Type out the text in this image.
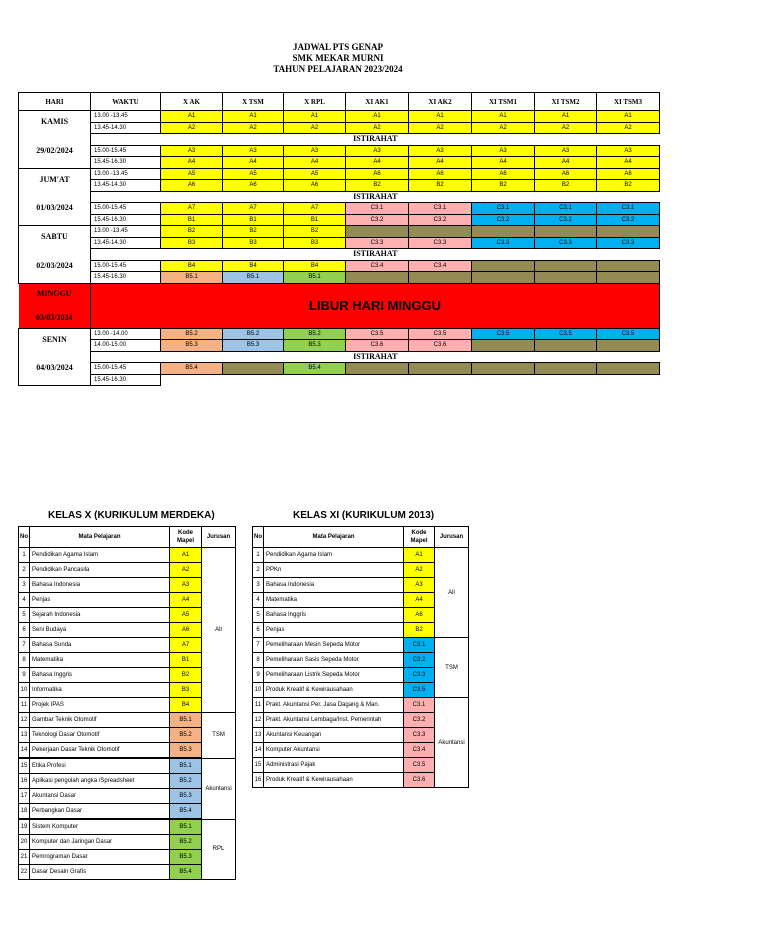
JADWAL PTS GENAP
SMK MEKAR MURNI
TAHUN PELAJARAN 2023/2024
HARI	WAKTU	X AK	X TSM	X RPL	XI AK1	XI AK2	XI TSM1	XI TSM2	XI TSM3
KAMIS	13.00 -13.45	A1	A1	A1	A1	A1	A1	A1	A1
	13.45-14.30	A2	A2	A2	A2	A2	A2	A2	A2
29/02/2024	ISTIRAHAT								
	15.00-15.45	A3	A3	A3	A3	A3	A3	A3	A3
	15.45-16.30	A4	A4	A4	A4	A4	A4	A4	A4
JUM'AT	13.00 -13.45	A5	A5	A5	A6	A6	A6	A6	A6
	13.45-14.30	A6	A6	A6	B2	B2	B2	B2	B2
01/03/2024	ISTIRAHAT								
	15.00-15.45	A7	A7	A7	C3.1	C3.1	C3.1	C3.1	C3.1
	15.45-16.30	B1	B1	B1	C3.2	C3.2	C3.2	C3.2	C3.2
SABTU	13.00 -13.45	B2	B2	B2					
	13.45-14.30	B3	B3	B3	C3.3	C3.3	C3.3	C3.3	C3.3
02/03/2024	ISTIRAHAT								
	15.00-15.45	B4	B4	B4	C3.4	C3.4			
	15.45-16.30	B5.1	B5.1	B5.1					

MINGGU
03/03/2024	LIBUR HARI MINGGU								
SENIN	13.00 -14.00	B5.2	B5.2	B5.2	C3.5	C3.5	C3.5	C3.5	C3.5
	14.00-15.00	B5.3	B5.3	B5.3	C3.6	C3.6			
04/03/2024	ISTIRAHAT								
	15.00-15.45	B5.4		B5.4					
	15.45-16.30								
KELAS X (KURIKULUM MERDEKA)	KELAS XI (KURIKULUM 2013)
No	Mata Pelajaran	Kode Mapel	Jurusan
1	Pendidikan Agama Islam	A1	All
2	Pendidikan Pancasila	A2	
3	Bahasa Indonesia	A3	
4	Penjas	A4	
5	Sejarah Indonesia	A5	
6	Seni Budaya	A6	
7	Bahasa Sunda	A7	
8	Matematika	B1	
9	Bahasa Inggris	B2	
10	Informatika	B3	
11	Projek IPAS	B4	
12	Gambar Teknik Otomotif	B5.1	TSM
13	Teknologi Dasar Otomotif	B5.2	
14	Pekerjaan Dasar Teknik Otomotif	B5.3	
15	Etika Profesi	B5.1	Akuntansi
16	Aplikasi pengolah angka /Spreadsheet	B5.2	
17	Akuntansi Dasar	B5.3	
18	Perbangkan Dasar	B5.4	
19	Sistem Komputer	B5.1	RPL
20	Komputer dan Jaringan Dasar	B5.2	
21	Pemrograman Dasar	B5.3	
22	Dasar Desain Grafis	B5.4	
No	Mata Pelajaran	Kode Mapel	Jurusan
1	Pendidikan Agama Islam	A1	All
2	PPKn	A2	
3	Bahasa Indonesia	A3	
4	Matematika	A4	
5	Bahasa Inggris	A6	
6	Penjas	B2	
7	Pemeliharaan Mesin Sepeda Motor	C3.1	TSM
8	Pemeliharaan Sasis Sepeda Motor	C3.2	
9	Pemeliharaan Listrik Sepeda Motor	C3.3	
10	Produk Kreatif & Kewirausahaan	C3.5	
11	Prakt. Akuntansi Per. Jasa Dagang & Man.	C3.1	Akuntansi
12	Prakt. Akuntansi Lembaga/Inst. Pemerintah	C3.2	
13	Akuntansi Keuangan	C3.3	
14	Komputer Akuntansi	C3.4	
15	Administrasi Pajak	C3.5	
16	Produk Kreatif & Kewirausahaan	C3.6	
